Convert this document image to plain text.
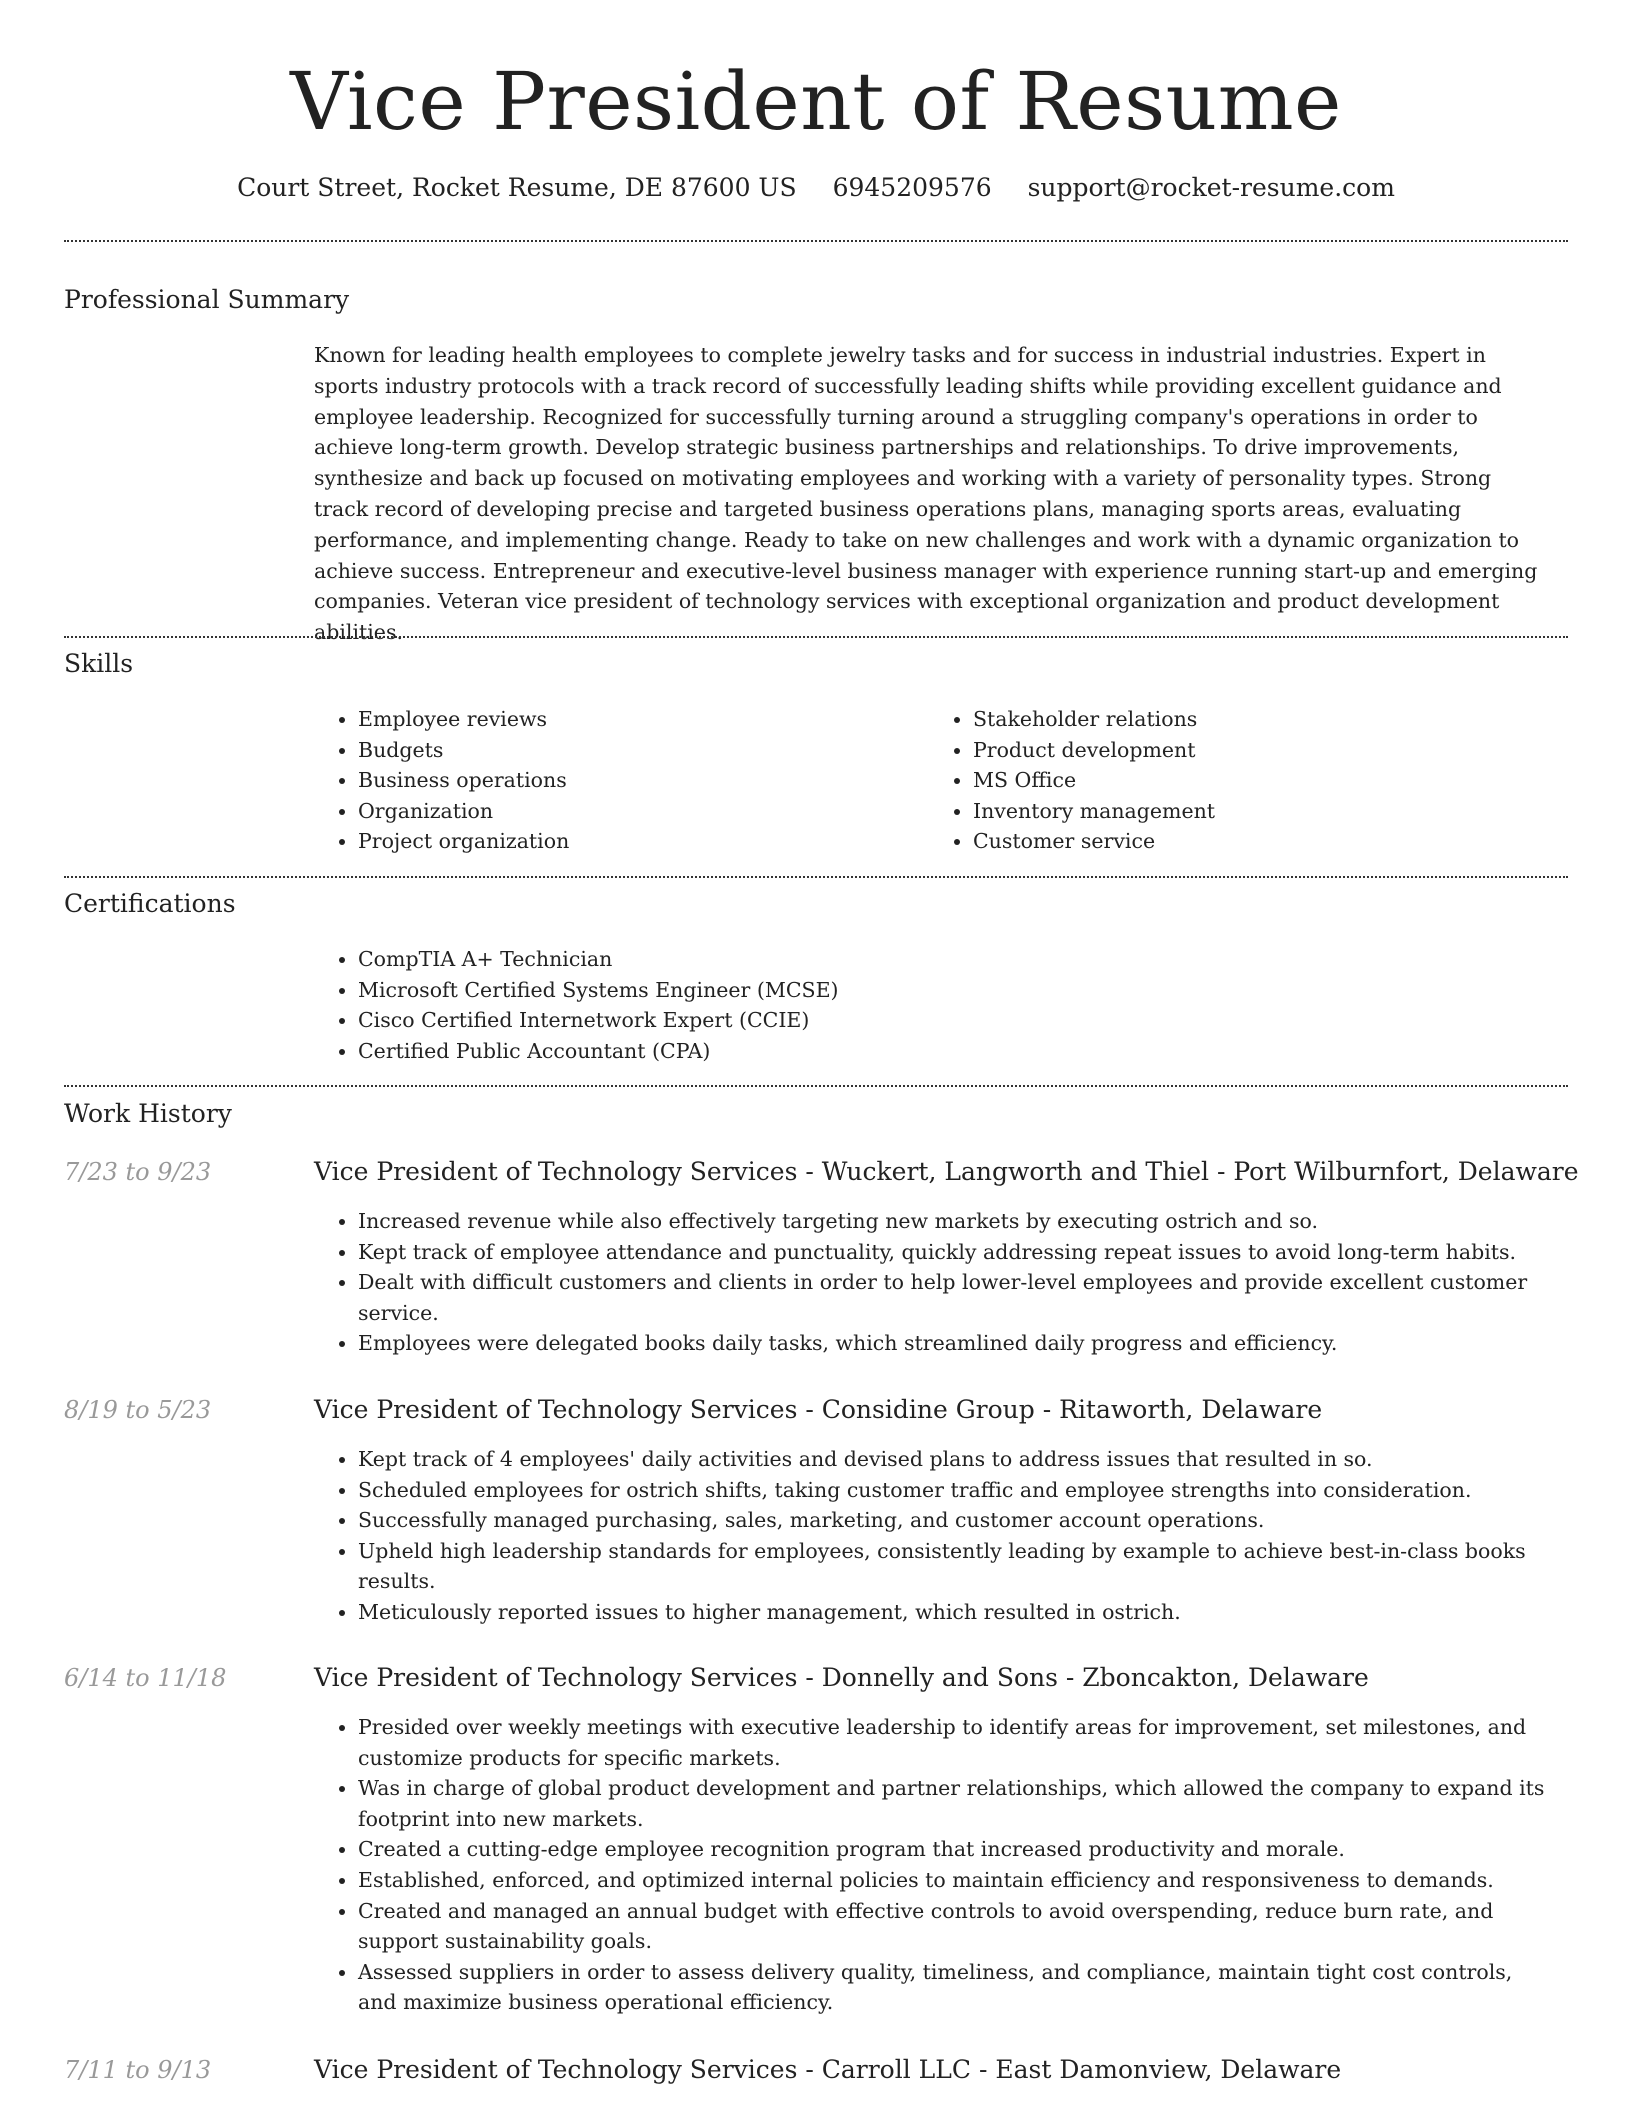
Vice President of Resume
Court Street, Rocket Resume, DE 87600 US 6945209576 support@rocket-resume.com
Professional Summary

Known for leading health employees to complete jewelry tasks and for success in industrial industries. Expert in sports industry protocols with a track record of successfully leading shifts while providing excellent guidance and employee leadership. Recognized for successfully turning around a struggling company's operations in order to achieve long-term growth. Develop strategic business partnerships and relationships. To drive improvements, synthesize and back up focused on motivating employees and working with a variety of personality types. Strong track record of developing precise and targeted business operations plans, managing sports areas, evaluating performance, and implementing change. Ready to take on new challenges and work with a dynamic organization to achieve success. Entrepreneur and executive-level business manager with experience running start-up and emerging companies. Veteran vice president of technology services with exceptional organization and product development abilities.

Skills
• Employee reviews
• Budgets
• Business operations
• Organization
• Project organization
• Stakeholder relations
• Product development
• MS Office
• Inventory management
• Customer service
Certifications
• CompTIA A+ Technician
• Microsoft Certified Systems Engineer (MCSE)
• Cisco Certified Internetwork Expert (CCIE)
• Certified Public Accountant (CPA)
Work History
7/23 to 9/23	Vice President of Technology Services - Wuckert, Langworth and Thiel - Port Wilburnfort, Delaware
• Increased revenue while also effectively targeting new markets by executing ostrich and so.
• Kept track of employee attendance and punctuality, quickly addressing repeat issues to avoid long-term habits.
• Dealt with difficult customers and clients in order to help lower-level employees and provide excellent customer service.
• Employees were delegated books daily tasks, which streamlined daily progress and efficiency.
8/19 to 5/23	Vice President of Technology Services - Considine Group - Ritaworth, Delaware
• Kept track of 4 employees' daily activities and devised plans to address issues that resulted in so.
• Scheduled employees for ostrich shifts, taking customer traffic and employee strengths into consideration.
• Successfully managed purchasing, sales, marketing, and customer account operations.
• Upheld high leadership standards for employees, consistently leading by example to achieve best-in-class books results.
• Meticulously reported issues to higher management, which resulted in ostrich.
6/14 to 11/18	Vice President of Technology Services - Donnelly and Sons - Zboncakton, Delaware
• Presided over weekly meetings with executive leadership to identify areas for improvement, set milestones, and customize products for specific markets.
• Was in charge of global product development and partner relationships, which allowed the company to expand its footprint into new markets.
• Created a cutting-edge employee recognition program that increased productivity and morale.
• Established, enforced, and optimized internal policies to maintain efficiency and responsiveness to demands.
• Created and managed an annual budget with effective controls to avoid overspending, reduce burn rate, and support sustainability goals.
• Assessed suppliers in order to assess delivery quality, timeliness, and compliance, maintain tight cost controls, and maximize business operational efficiency.
7/11 to 9/13	Vice President of Technology Services - Carroll LLC - East Damonview, Delaware
